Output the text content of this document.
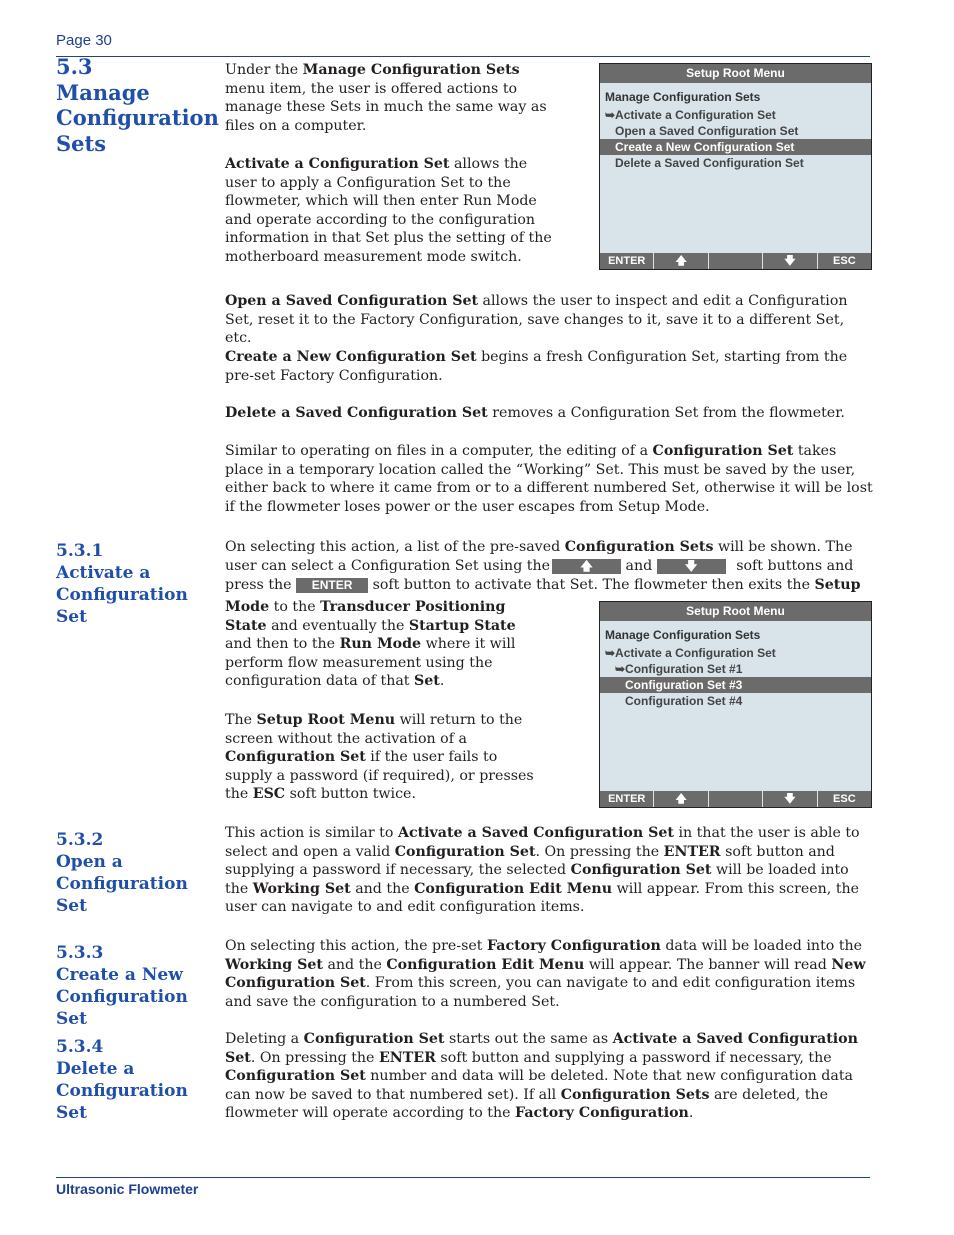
Page 30
5.3
Manage
Configuration
Sets
5.3.1
Activate a
Configuration
Set
5.3.2
Open a
Configuration
Set
5.3.3
Create a New
Configuration
Set
5.3.4
Delete a
Configuration
Set
Under the Manage Configuration Sets menu item, the user is offered actions to manage these Sets in much the same way as files on a computer.
Activate a Configuration Set allows the user to apply a Configuration Set to the flowmeter, which will then enter Run Mode and operate according to the configuration information in that Set plus the setting of the motherboard measurement mode switch.
Open a Saved Configuration Set allows the user to inspect and edit a Configuration Set, reset it to the Factory Configuration, save changes to it, save it to a different Set, etc.
Create a New Configuration Set begins a fresh Configuration Set, starting from the pre-set Factory Configuration.
Delete a Saved Configuration Set removes a Configuration Set from the flowmeter.
Similar to operating on files in a computer, the editing of a Configuration Set takes place in a temporary location called the “Working” Set. This must be saved by the user, either back to where it came from or to a different numbered Set, otherwise it will be lost if the flowmeter loses power or the user escapes from Setup Mode.
On selecting this action, a list of the pre-saved Configuration Sets will be shown. The user can select a Configuration Set using the	🡅 and	🡇	soft buttons and
press the ENTER soft button to activate that Set. The flowmeter then exits the Setup
Mode to the Transducer Positioning State and eventually the Startup State and then to the Run Mode where it will perform flow measurement using the configuration data of that Set.
The Setup Root Menu will return to the screen without the activation of a Configuration Set if the user fails to supply a password (if required), or presses the ESC soft button twice.
This action is similar to Activate a Saved Configuration Set in that the user is able to select and open a valid Configuration Set. On pressing the ENTER soft button and supplying a password if necessary, the selected Configuration Set will be loaded into the Working Set and the Configuration Edit Menu will appear. From this screen, the user can navigate to and edit configuration items.
On selecting this action, the pre-set Factory Configuration data will be loaded into the Working Set and the Configuration Edit Menu will appear. The banner will read New Configuration Set. From this screen, you can navigate to and edit configuration items and save the configuration to a numbered Set.
Deleting a Configuration Set starts out the same as Activate a Saved Configuration Set. On pressing the ENTER soft button and supplying a password if necessary, the Configuration Set number and data will be deleted. Note that new configuration data can now be saved to that numbered set). If all Configuration Sets are deleted, the flowmeter will operate according to the Factory Configuration.
Setup Root Menu
Manage Configuration Sets
➥Activate a Configuration Set
Open a Saved Configuration Set
Create a New Configuration Set
Delete a Saved Configuration Set
ENTER	🡅	🡇	ESC
Setup Root Menu
Manage Configuration Sets
➥Activate a Configuration Set
➥Configuration Set #1
Configuration Set #3
Configuration Set #4
ENTER	🡅	🡇	ESC
Ultrasonic Flowmeter
